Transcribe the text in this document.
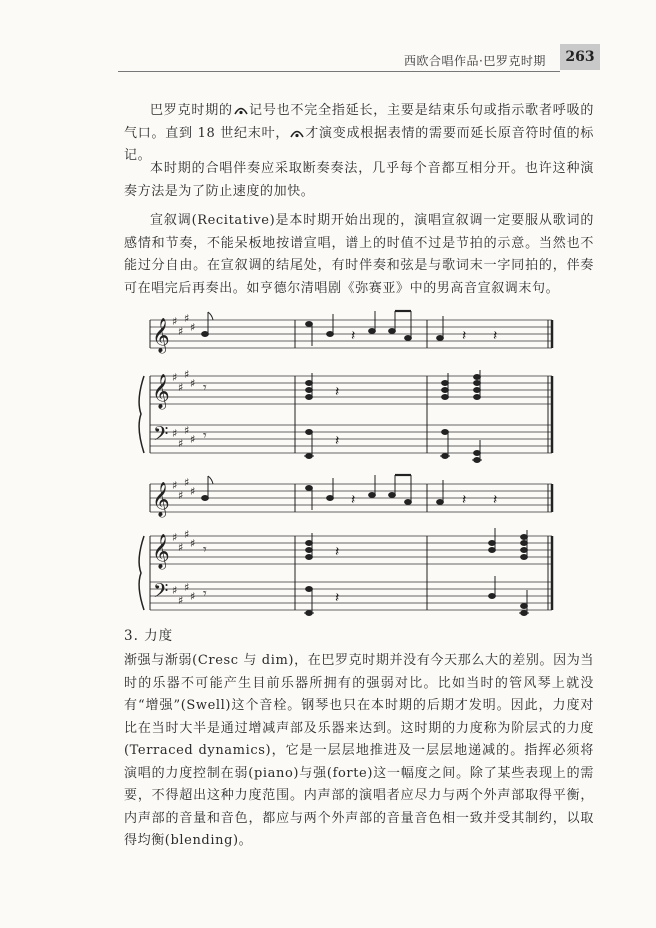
西欧合唱作品·巴罗克时期	263

巴罗克时期的 记号也不完全指延长，主要是结束乐句或指示歌者呼吸的气口。直到 18 世纪末叶， 才演变成根据表情的需要而延长原音符时值的标记。

本时期的合唱伴奏应采取断奏奏法，几乎每个音都互相分开。也许这种演奏方法是为了防止速度的加快。

宣叙调(Recitative)是本时期开始出现的，演唱宣叙调一定要服从歌词的感情和节奏，不能呆板地按谱宣唱，谱上的时值不过是节拍的示意。当然也不能过分自由。在宣叙调的结尾处，有时伴奏和弦是与歌词末一字同拍的，伴奏可在唱完后再奏出。如亨德尔清唱剧《弥赛亚》中的男高音宣叙调末句。

𝄞
𝄞
𝄢
𝄞
𝄞
𝄢
♯
♯
♯
♯
♯
♯
♯
♯
♯
♯
♯
♯
♯
♯
♯
♯
♯
♯
♯
♯
♯
♯
♯
♯
𝄾
𝄾
𝄽	𝄽 𝄽
𝄽
𝄽
𝄾
𝄾
𝄽	𝄽 𝄽
𝄽
𝄽

3. 力度

渐强与渐弱(Cresc 与 dim)，在巴罗克时期并没有今天那么大的差别。因为当时的乐器不可能产生目前乐器所拥有的强弱对比。比如当时的管风琴上就没有“增强”(Swell)这个音栓。钢琴也只在本时期的后期才发明。因此，力度对比在当时大半是通过增减声部及乐器来达到。这时期的力度称为阶层式的力度(Terraced dynamics)，它是一层层地推进及一层层地递减的。指挥必须将演唱的力度控制在弱(piano)与强(forte)这一幅度之间。除了某些表现上的需要，不得超出这种力度范围。内声部的演唱者应尽力与两个外声部取得平衡，内声部的音量和音色，都应与两个外声部的音量音色相一致并受其制约，以取得均衡(blending)。
